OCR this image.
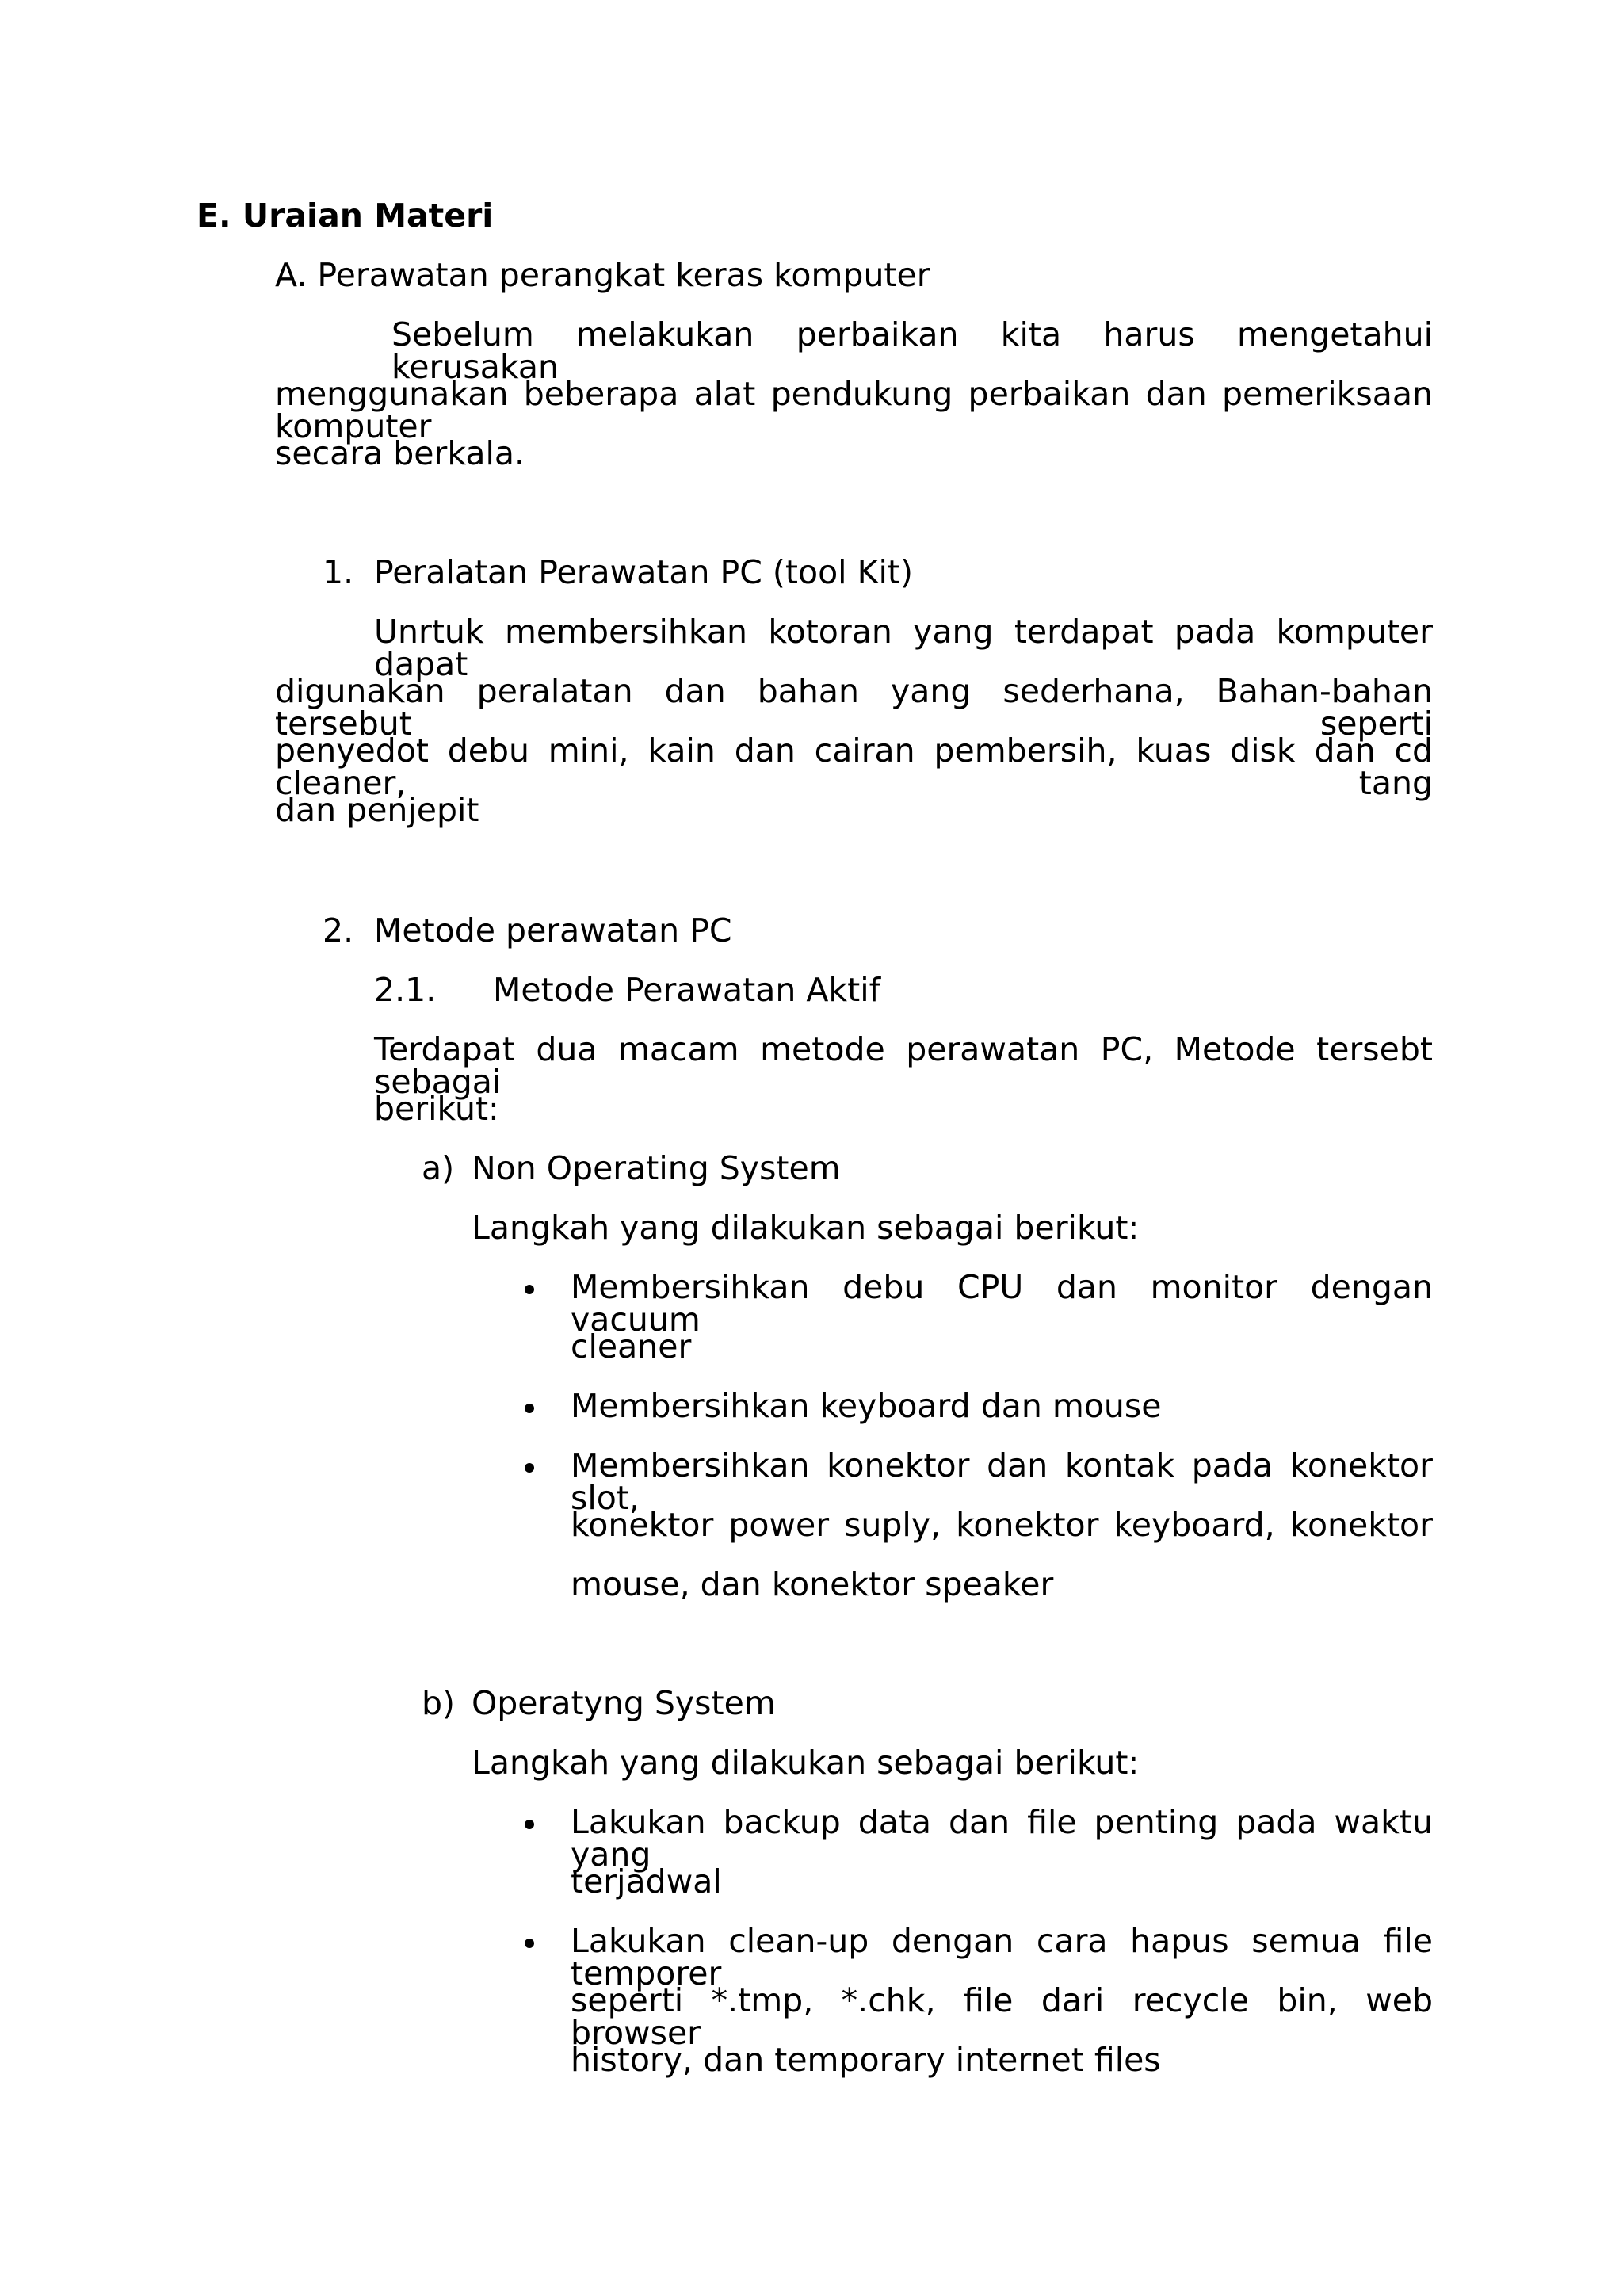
E. Uraian Materi
A. Perawatan perangkat keras komputer
Sebelum melakukan perbaikan kita harus mengetahui kerusakan
menggunakan beberapa alat pendukung perbaikan dan pemeriksaan komputer
secara berkala.
1. Peralatan Perawatan PC (tool Kit)
Unrtuk membersihkan kotoran yang terdapat pada komputer dapat
digunakan peralatan dan bahan yang sederhana, Bahan-bahan tersebut seperti
penyedot debu mini, kain dan cairan pembersih, kuas disk dan cd cleaner, tang
dan penjepit
2. Metode perawatan PC
2.1. Metode Perawatan Aktif
Terdapat dua macam metode perawatan PC, Metode tersebt sebagai
berikut:
a) Non Operating System
Langkah yang dilakukan sebagai berikut:
Membersihkan debu CPU dan monitor dengan vacuum
cleaner
Membersihkan keyboard dan mouse
Membersihkan konektor dan kontak pada konektor slot,
konektor power suply, konektor keyboard, konektor
mouse, dan konektor speaker
b) Operatyng System
Langkah yang dilakukan sebagai berikut:
Lakukan backup data dan file penting pada waktu yang
terjadwal
Lakukan clean-up dengan cara hapus semua file temporer
seperti *.tmp, *.chk, file dari recycle bin, web browser
history, dan temporary internet files
